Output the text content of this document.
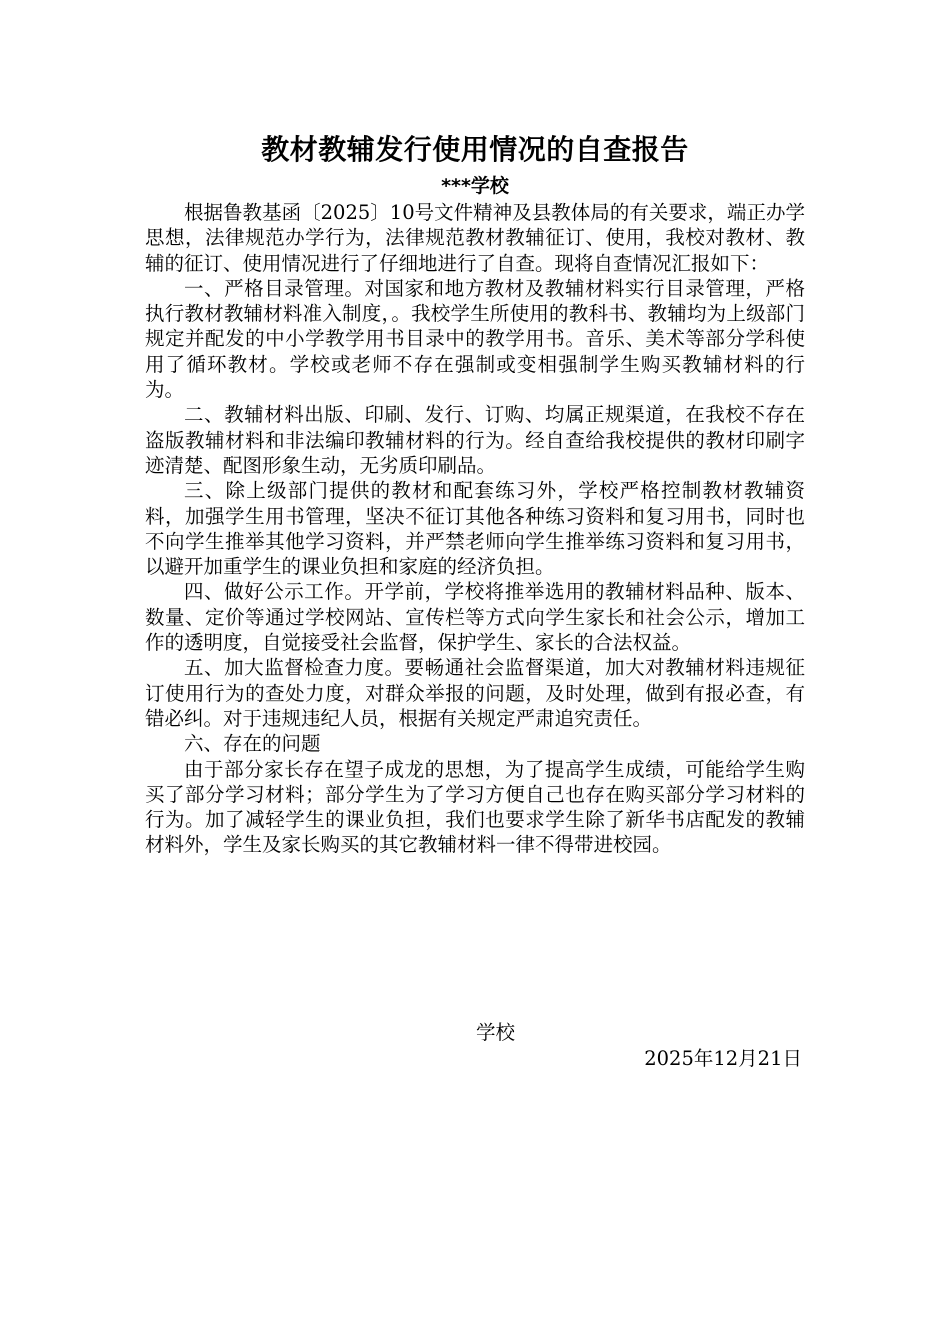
教材教辅发行使用情况的自查报告
***学校

根据鲁教基函〔2025〕10号文件精神及县教体局的有关要求，端正办学思想，法律规范办学行为，法律规范教材教辅征订、使用，我校对教材、教辅的征订、使用情况进行了仔细地进行了自查。现将自查情况汇报如下：

一、严格目录管理。对国家和地方教材及教辅材料实行目录管理，严格执行教材教辅材料准入制度，。我校学生所使用的教科书、教辅均为上级部门规定并配发的中小学教学用书目录中的教学用书。音乐、美术等部分学科使用了循环教材。学校或老师不存在强制或变相强制学生购买教辅材料的行为。

二、教辅材料出版、印刷、发行、订购、均属正规渠道，在我校不存在盗版教辅材料和非法编印教辅材料的行为。经自查给我校提供的教材印刷字迹清楚、配图形象生动，无劣质印刷品。

三、除上级部门提供的教材和配套练习外，学校严格控制教材教辅资料，加强学生用书管理，坚决不征订其他各种练习资料和复习用书，同时也不向学生推举其他学习资料，并严禁老师向学生推举练习资料和复习用书，以避开加重学生的课业负担和家庭的经济负担。

四、做好公示工作。开学前，学校将推举选用的教辅材料品种、版本、数量、定价等通过学校网站、宣传栏等方式向学生家长和社会公示，增加工作的透明度，自觉接受社会监督，保护学生、家长的合法权益。

五、加大监督检查力度。要畅通社会监督渠道，加大对教辅材料违规征订使用行为的查处力度，对群众举报的问题，及时处理，做到有报必查，有错必纠。对于违规违纪人员，根据有关规定严肃追究责任。

六、存在的问题

由于部分家长存在望子成龙的思想，为了提高学生成绩，可能给学生购买了部分学习材料；部分学生为了学习方便自己也存在购买部分学习材料的行为。加了减轻学生的课业负担，我们也要求学生除了新华书店配发的教辅材料外，学生及家长购买的其它教辅材料一律不得带进校园。

学校
2025年12月21日
